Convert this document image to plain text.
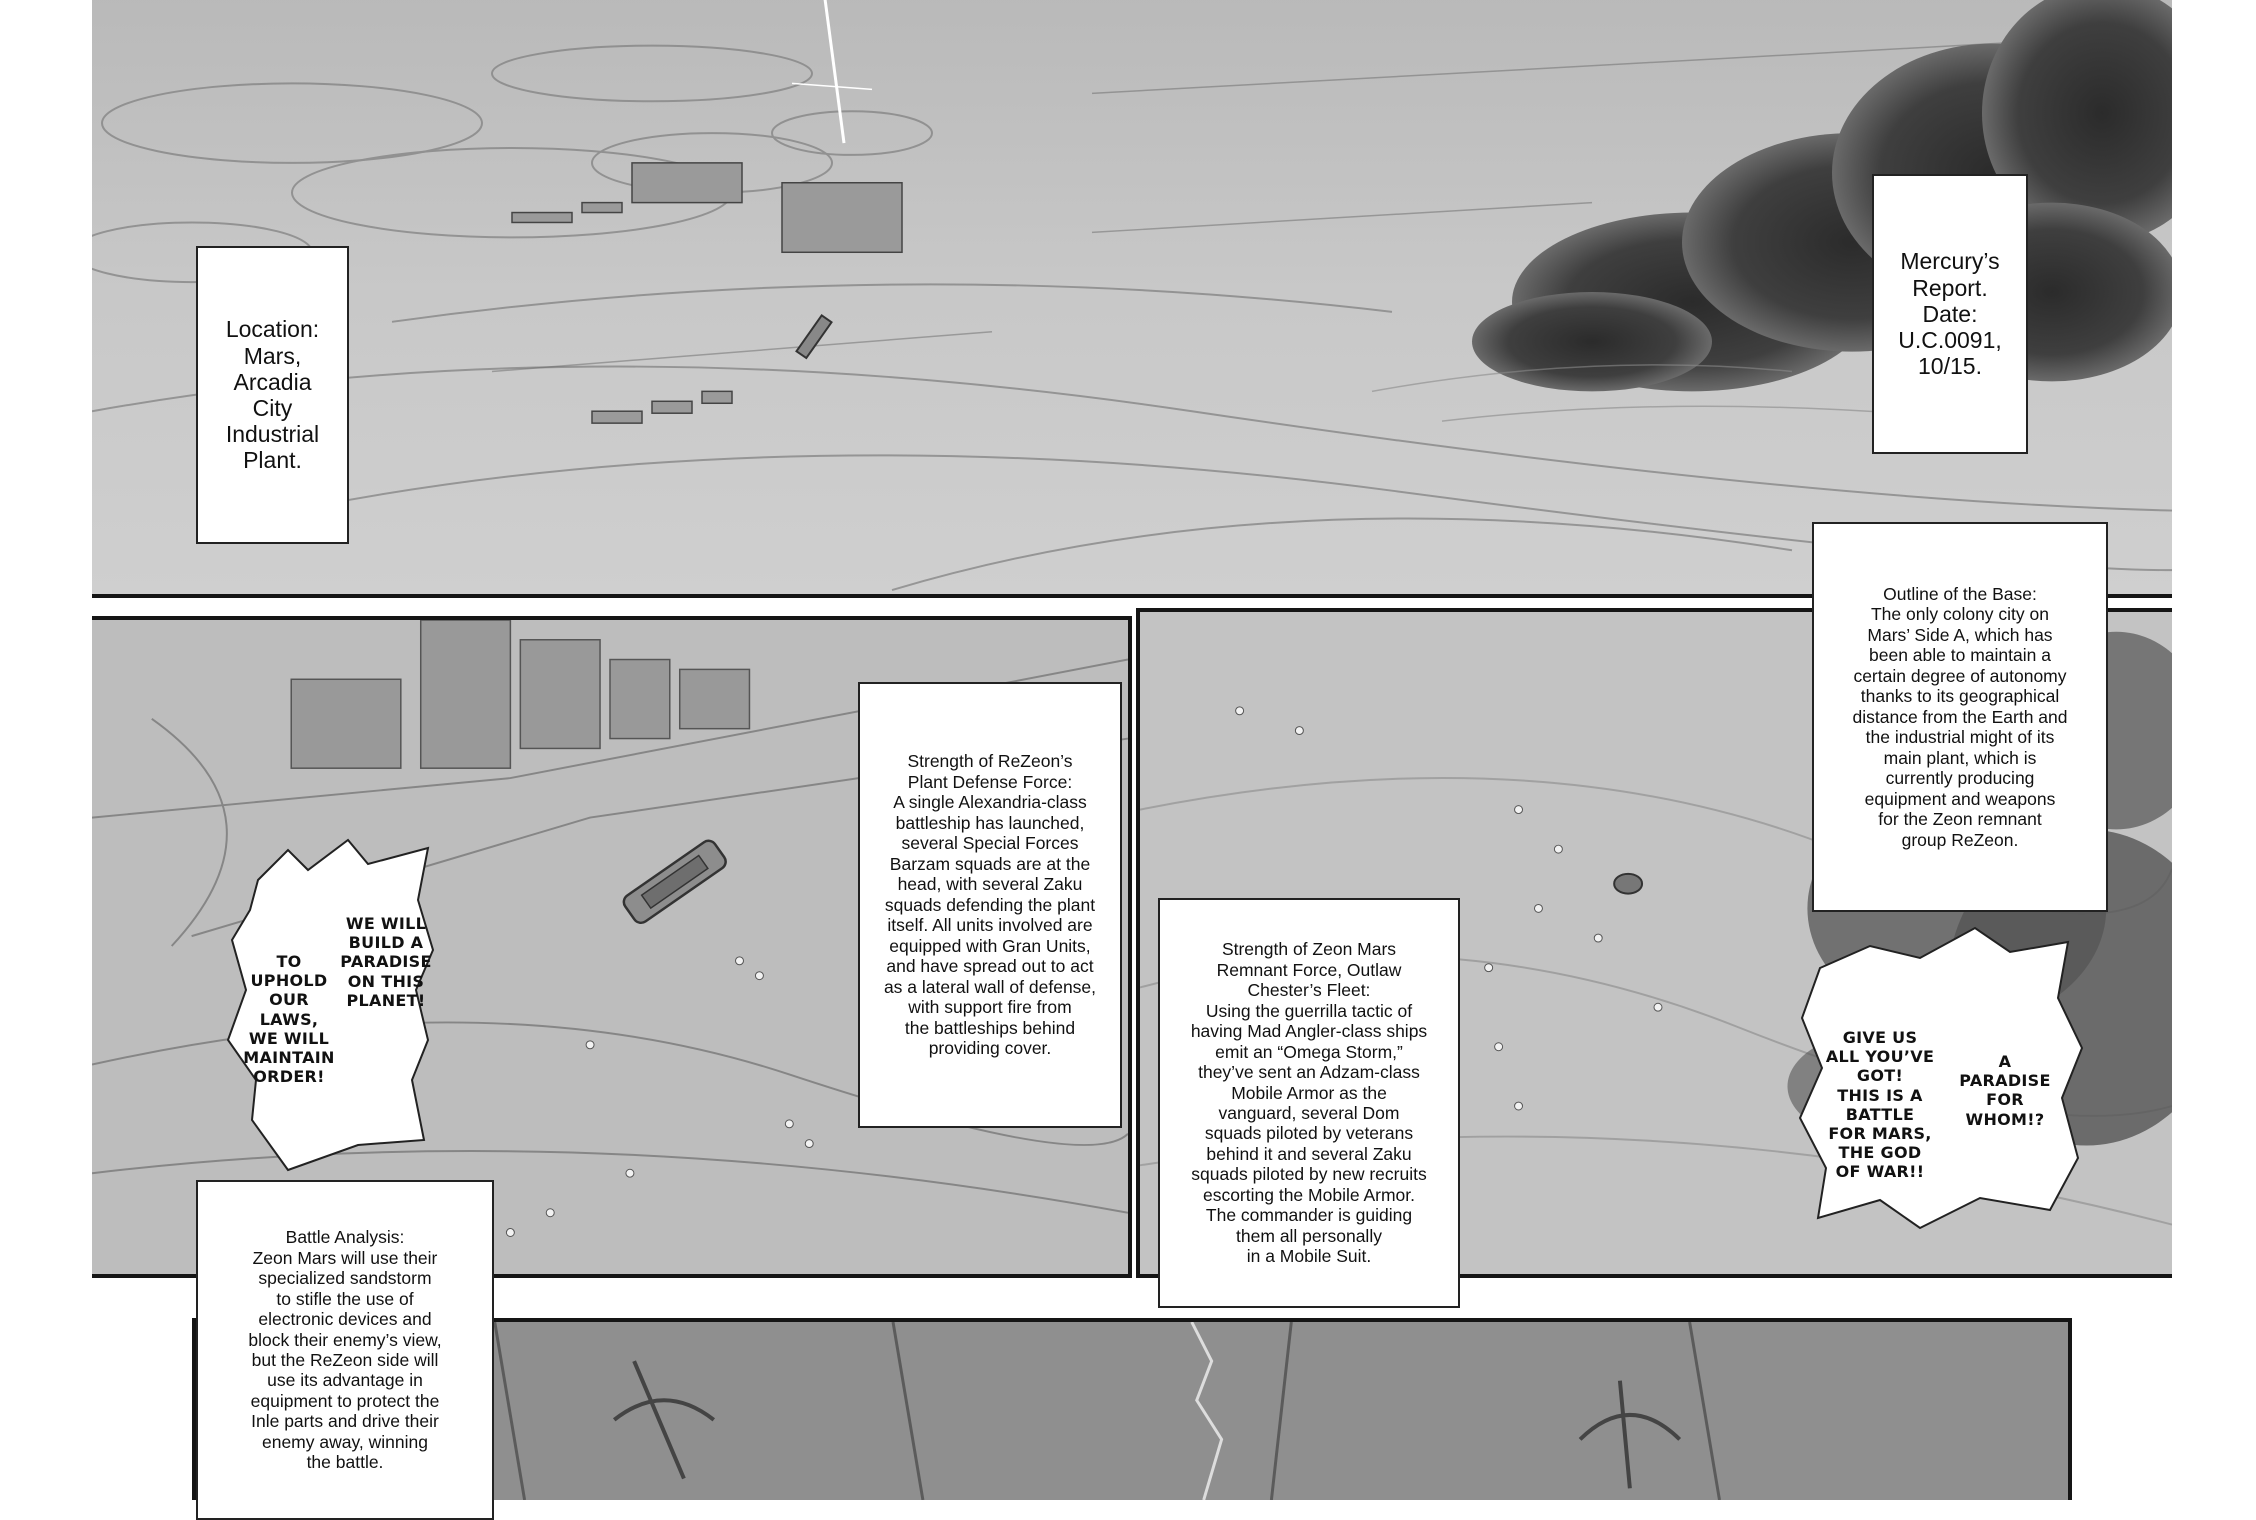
Location:
Mars,
Arcadia
City
Industrial
Plant.
Mercury’s
Report.
Date:
U.C.0091,
10/15.
Outline of the Base:
The only colony city on
Mars’ Side A, which has
been able to maintain a
certain degree of autonomy
thanks to its geographical
distance from the Earth and
the industrial might of its
main plant, which is
currently producing
equipment and weapons
for the Zeon remnant
group ReZeon.
Strength of ReZeon’s
Plant Defense Force:
A single Alexandria-class
battleship has launched,
several Special Forces
Barzam squads are at the
head, with several Zaku
squads defending the plant
itself. All units involved are
equipped with Gran Units,
and have spread out to act
as a lateral wall of defense,
with support fire from
the battleships behind
providing cover.
Strength of Zeon Mars
Remnant Force, Outlaw
Chester’s Fleet:
Using the guerrilla tactic of
having Mad Angler-class ships
emit an “Omega Storm,”
they’ve sent an Adzam-class
Mobile Armor as the
vanguard, several Dom
squads piloted by veterans
behind it and several Zaku
squads piloted by new recruits
escorting the Mobile Armor.
The commander is guiding
them all personally
in a Mobile Suit.
Battle Analysis:
Zeon Mars will use their
specialized sandstorm
to stifle the use of
electronic devices and
block their enemy’s view,
but the ReZeon side will
use its advantage in
equipment to protect the
Inle parts and drive their
enemy away, winning
the battle.
TO
UPHOLD
OUR
LAWS,
WE WILL
MAINTAIN
ORDER!
WE WILL
BUILD A
PARADISE
ON THIS
PLANET!
GIVE US
ALL YOU’VE
GOT!
THIS IS A
BATTLE
FOR MARS,
THE GOD
OF WAR!!
A
PARADISE
FOR
WHOM!?
